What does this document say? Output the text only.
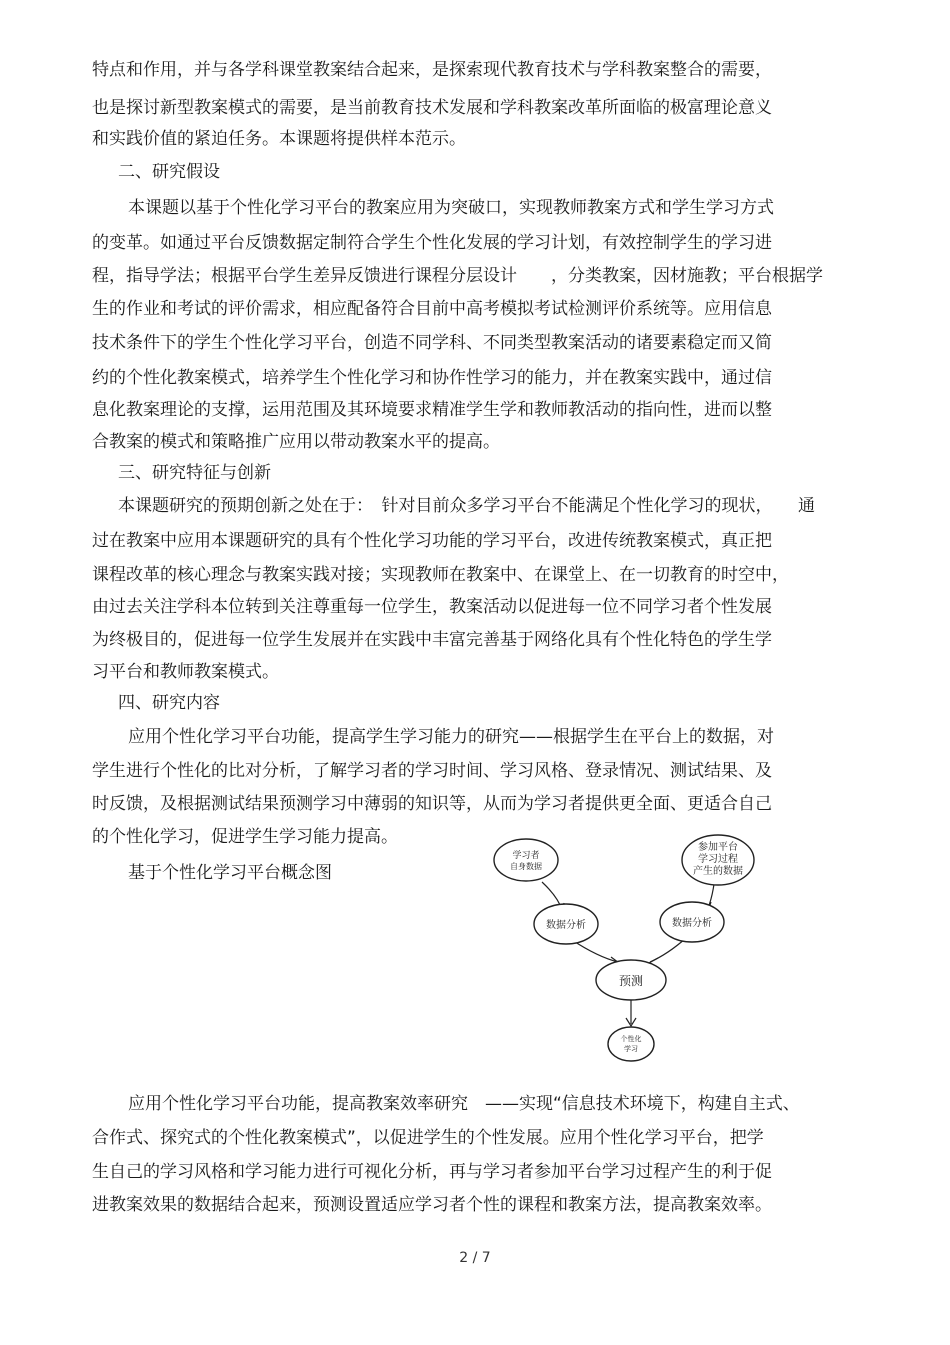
特点和作用，并与各学科课堂教案结合起来，是探索现代教育技术与学科教案整合的需要，
也是探讨新型教案模式的需要，是当前教育技术发展和学科教案改革所面临的极富理论意义
和实践价值的紧迫任务。本课题将提供样本范示。
二、研究假设
本课题以基于个性化学习平台的教案应用为突破口，实现教师教案方式和学生学习方式
的变革。如通过平台反馈数据定制符合学生个性化发展的学习计划，有效控制学生的学习进
程，指导学法；根据平台学生差异反馈进行课程分层设计　　，分类教案，因材施教；平台根据学
生的作业和考试的评价需求，相应配备符合目前中高考模拟考试检测评价系统等。应用信息
技术条件下的学生个性化学习平台，创造不同学科、不同类型教案活动的诸要素稳定而又简
约的个性化教案模式，培养学生个性化学习和协作性学习的能力，并在教案实践中，通过信
息化教案理论的支撑，运用范围及其环境要求精准学生学和教师教活动的指向性，进而以整
合教案的模式和策略推广应用以带动教案水平的提高。
三、研究特征与创新
本课题研究的预期创新之处在于：　针对目前众多学习平台不能满足个性化学习的现状，　　通
过在教案中应用本课题研究的具有个性化学习功能的学习平台，改进传统教案模式，真正把
课程改革的核心理念与教案实践对接；实现教师在教案中、在课堂上、在一切教育的时空中，
由过去关注学科本位转到关注尊重每一位学生，教案活动以促进每一位不同学习者个性发展
为终极目的，促进每一位学生发展并在实践中丰富完善基于网络化具有个性化特色的学生学
习平台和教师教案模式。
四、研究内容
应用个性化学习平台功能，提高学生学习能力的研究——根据学生在平台上的数据，对
学生进行个性化的比对分析，了解学习者的学习时间、学习风格、登录情况、测试结果、及
时反馈，及根据测试结果预测学习中薄弱的知识等，从而为学习者提供更全面、更适合自己
的个性化学习，促进学生学习能力提高。
基于个性化学习平台概念图
学习者
自身数据
参加平台
学习过程
产生的数据
数据分析	数据分析
预测
个性化
学习
应用个性化学习平台功能，提高教案效率研究　——实现“信息技术环境下，构建自主式、
合作式、探究式的个性化教案模式”，以促进学生的个性发展。应用个性化学习平台，把学
生自己的学习风格和学习能力进行可视化分析，再与学习者参加平台学习过程产生的利于促
进教案效果的数据结合起来，预测设置适应学习者个性的课程和教案方法，提高教案效率。
2 / 7
